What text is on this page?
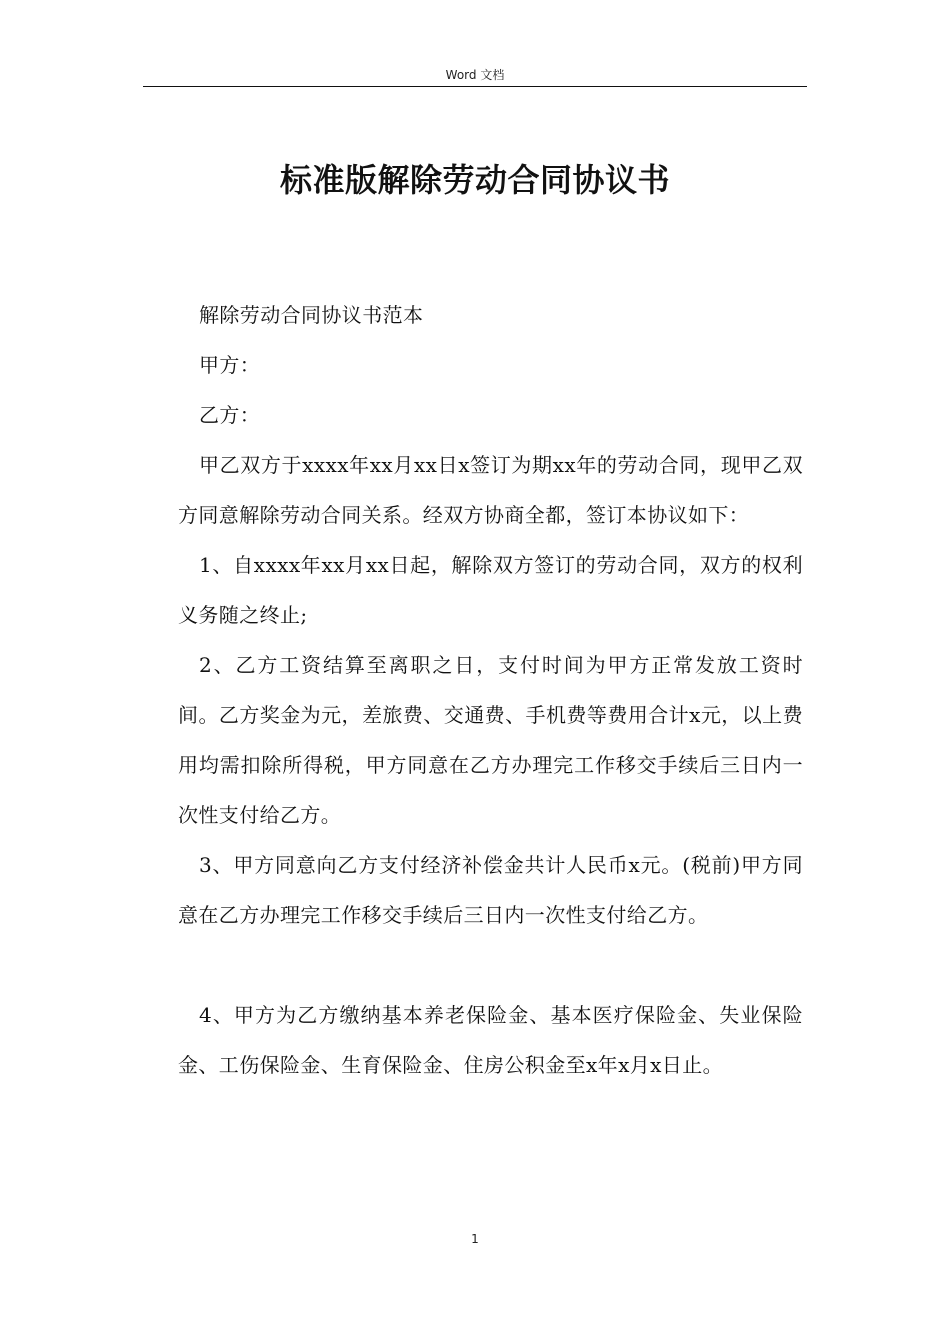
Word 文档
标准版解除劳动合同协议书

解除劳动合同协议书范本

甲方：

乙方：

甲乙双方于xxxx年xx月xx日x签订为期xx年的劳动合同，现甲乙双方同意解除劳动合同关系。经双方协商全都，签订本协议如下：

1、自xxxx年xx月xx日起，解除双方签订的劳动合同，双方的权利义务随之终止;

2、乙方工资结算至离职之日，支付时间为甲方正常发放工资时间。乙方奖金为元，差旅费、交通费、手机费等费用合计x元，以上费用均需扣除所得税，甲方同意在乙方办理完工作移交手续后三日内一次性支付给乙方。

3、甲方同意向乙方支付经济补偿金共计人民币x元。(税前)甲方同意在乙方办理完工作移交手续后三日内一次性支付给乙方。

4、甲方为乙方缴纳基本养老保险金、基本医疗保险金、失业保险金、工伤保险金、生育保险金、住房公积金至x年x月x日止。

1
